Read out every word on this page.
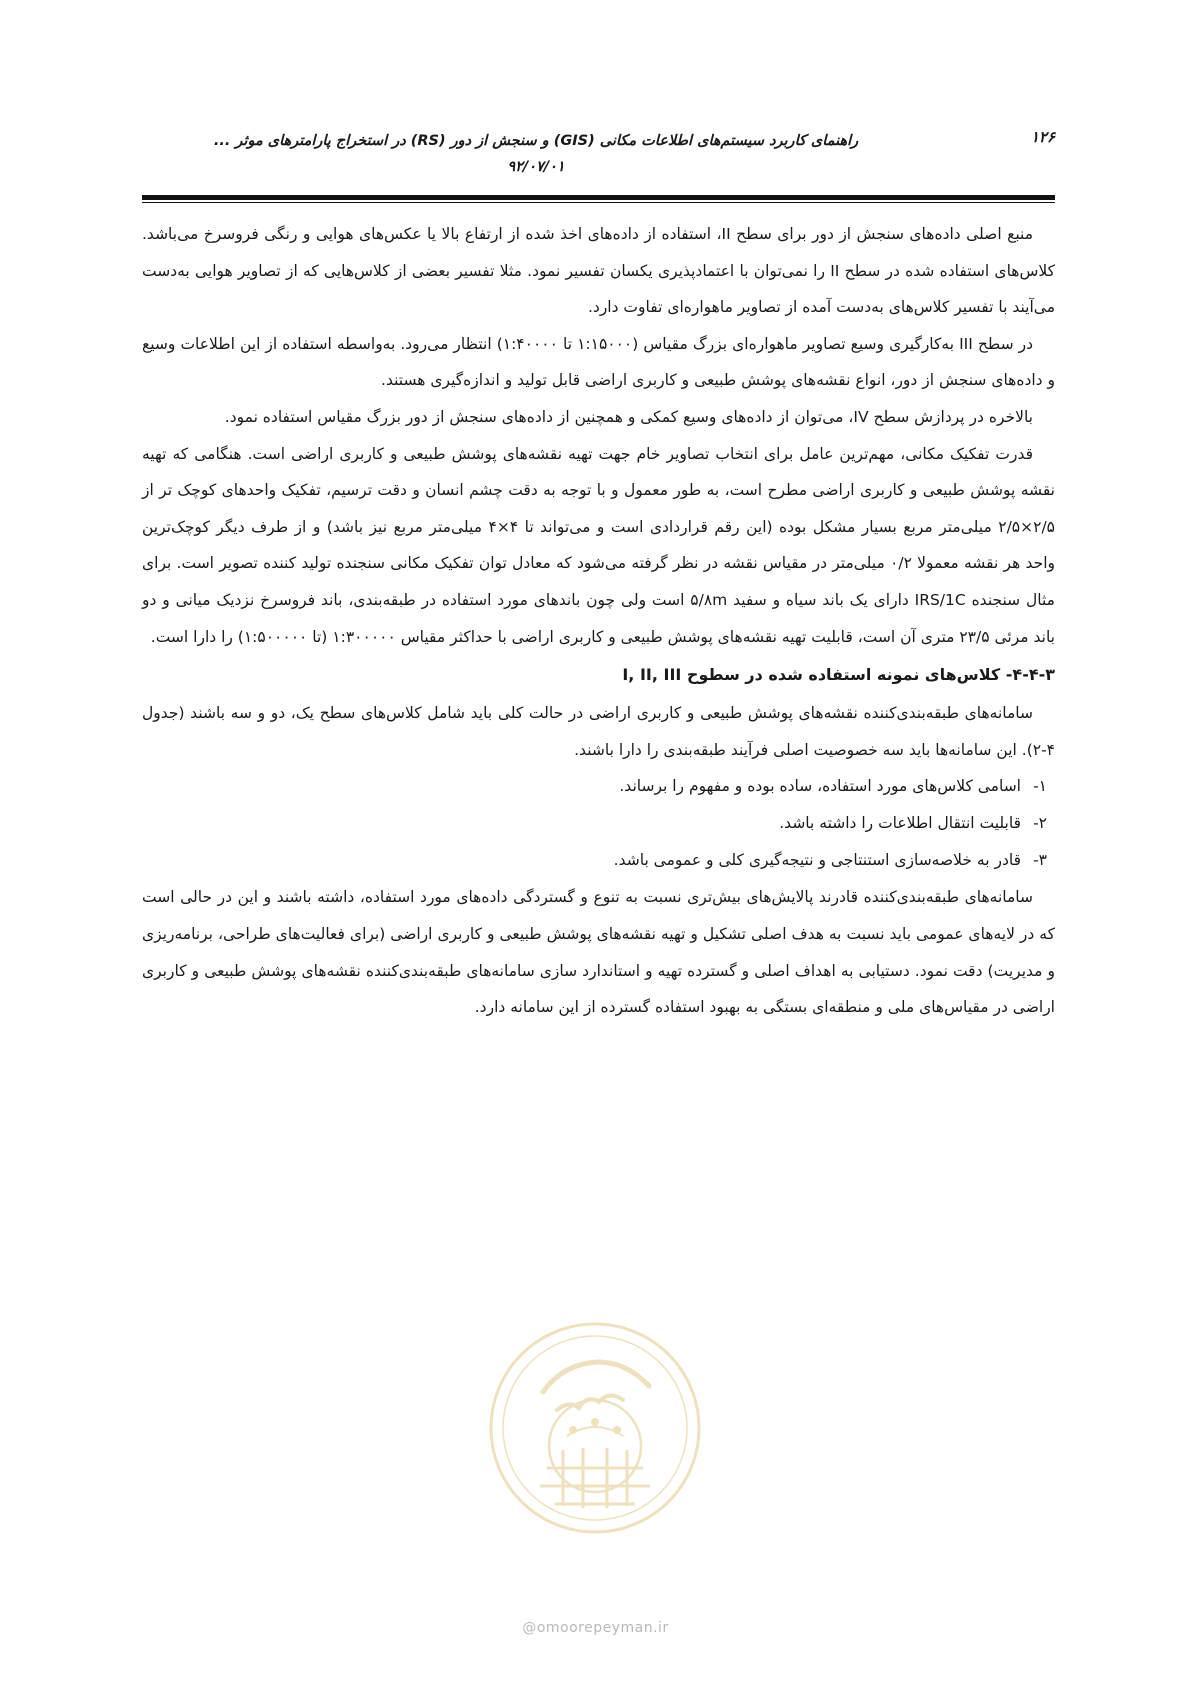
۱۲۶
راهنمای کاربرد سیستم‌های اطلاعات مکانی (GIS) و سنجش از دور (RS) در استخراج پارامترهای موثر ...
۹۲/۰۷/۰۱

منبع اصلی داده‌های سنجش از دور برای سطح II، استفاده از داده‌های اخذ شده از ارتفاع بالا یا عکس‌های هوایی و رنگی فروسرخ می‌باشد. کلاس‌های استفاده شده در سطح II را نمی‌توان با اعتمادپذیری یکسان تفسیر نمود. مثلا تفسیر بعضی از کلاس‌هایی که از تصاویر هوایی به‌دست می‌آیند با تفسیر کلاس‌های به‌دست آمده از تصاویر ماهواره‌ای تفاوت دارد.

در سطح III به‌کارگیری وسیع تصاویر ماهواره‌ای بزرگ مقیاس (۱:۱۵۰۰۰ تا ۱:۴۰۰۰۰) انتظار می‌رود. به‌واسطه استفاده از این اطلاعات وسیع و داده‌های سنجش از دور، انواع نقشه‌های پوشش طبیعی و کاربری اراضی قابل تولید و اندازه‌گیری هستند.

بالاخره در پردازش سطح IV، می‌توان از داده‌های وسیع کمکی و همچنین از داده‌های سنجش از دور بزرگ مقیاس استفاده نمود.

قدرت تفکیک مکانی، مهم‌ترین عامل برای انتخاب تصاویر خام جهت تهیه نقشه‌های پوشش طبیعی و کاربری اراضی است. هنگامی که تهیه نقشه پوشش طبیعی و کاربری اراضی مطرح است، به طور معمول و با توجه به دقت چشم انسان و دقت ترسیم، تفکیک واحدهای کوچک تر از ۲/۵×۲/۵ میلی‌متر مربع بسیار مشکل بوده (این رقم قراردادی است و می‌تواند تا ۴×۴ میلی‌متر مربع نیز باشد) و از طرف دیگر کوچک‌ترین واحد هر نقشه معمولا ۰/۲ میلی‌متر در مقیاس نقشه در نظر گرفته می‌شود که معادل توان تفکیک مکانی سنجنده تولید کننده تصویر است. برای مثال سنجنده IRS/1C دارای یک باند سیاه و سفید ۵/۸m است ولی چون باندهای مورد استفاده در طبقه‌بندی، باند فروسرخ نزدیک میانی و دو باند مرئی ۲۳/۵ متری آن است، قابلیت تهیه نقشه‌های پوشش طبیعی و کاربری اراضی با حداکثر مقیاس ۱:۳۰۰۰۰۰ (تا ۱:۵۰۰۰۰۰) را دارا است.

۴-۴-۳- کلاس‌های نمونه استفاده شده در سطوح I, II, III

سامانه‌های طبقه‌بندی‌کننده نقشه‌های پوشش طبیعی و کاربری اراضی در حالت کلی باید شامل کلاس‌های سطح یک، دو و سه باشند (جدول ۴-۲). این سامانه‌ها باید سه خصوصیت اصلی فرآیند طبقه‌بندی را دارا باشند.

۱-
اسامی کلاس‌های مورد استفاده، ساده بوده و مفهوم را برساند.
۲-
قابلیت انتقال اطلاعات را داشته باشد.
۳-
قادر به خلاصه‌سازی استنتاجی و نتیجه‌گیری کلی و عمومی باشد.

سامانه‌های طبقه‌بندی‌کننده قادرند پالایش‌های بیش‌تری نسبت به تنوع و گستردگی داده‌های مورد استفاده، داشته باشند و این در حالی است که در لایه‌های عمومی باید نسبت به هدف اصلی تشکیل و تهیه نقشه‌های پوشش طبیعی و کاربری اراضی (برای فعالیت‌های طراحی، برنامه‌ریزی و مدیریت) دقت نمود. دستیابی به اهداف اصلی و گسترده تهیه و استاندارد سازی سامانه‌های طبقه‌بندی‌کننده نقشه‌های پوشش طبیعی و کاربری اراضی در مقیاس‌های ملی و منطقه‌ای بستگی به بهبود استفاده گسترده از این سامانه دارد.

@omoorepeyman.ir
